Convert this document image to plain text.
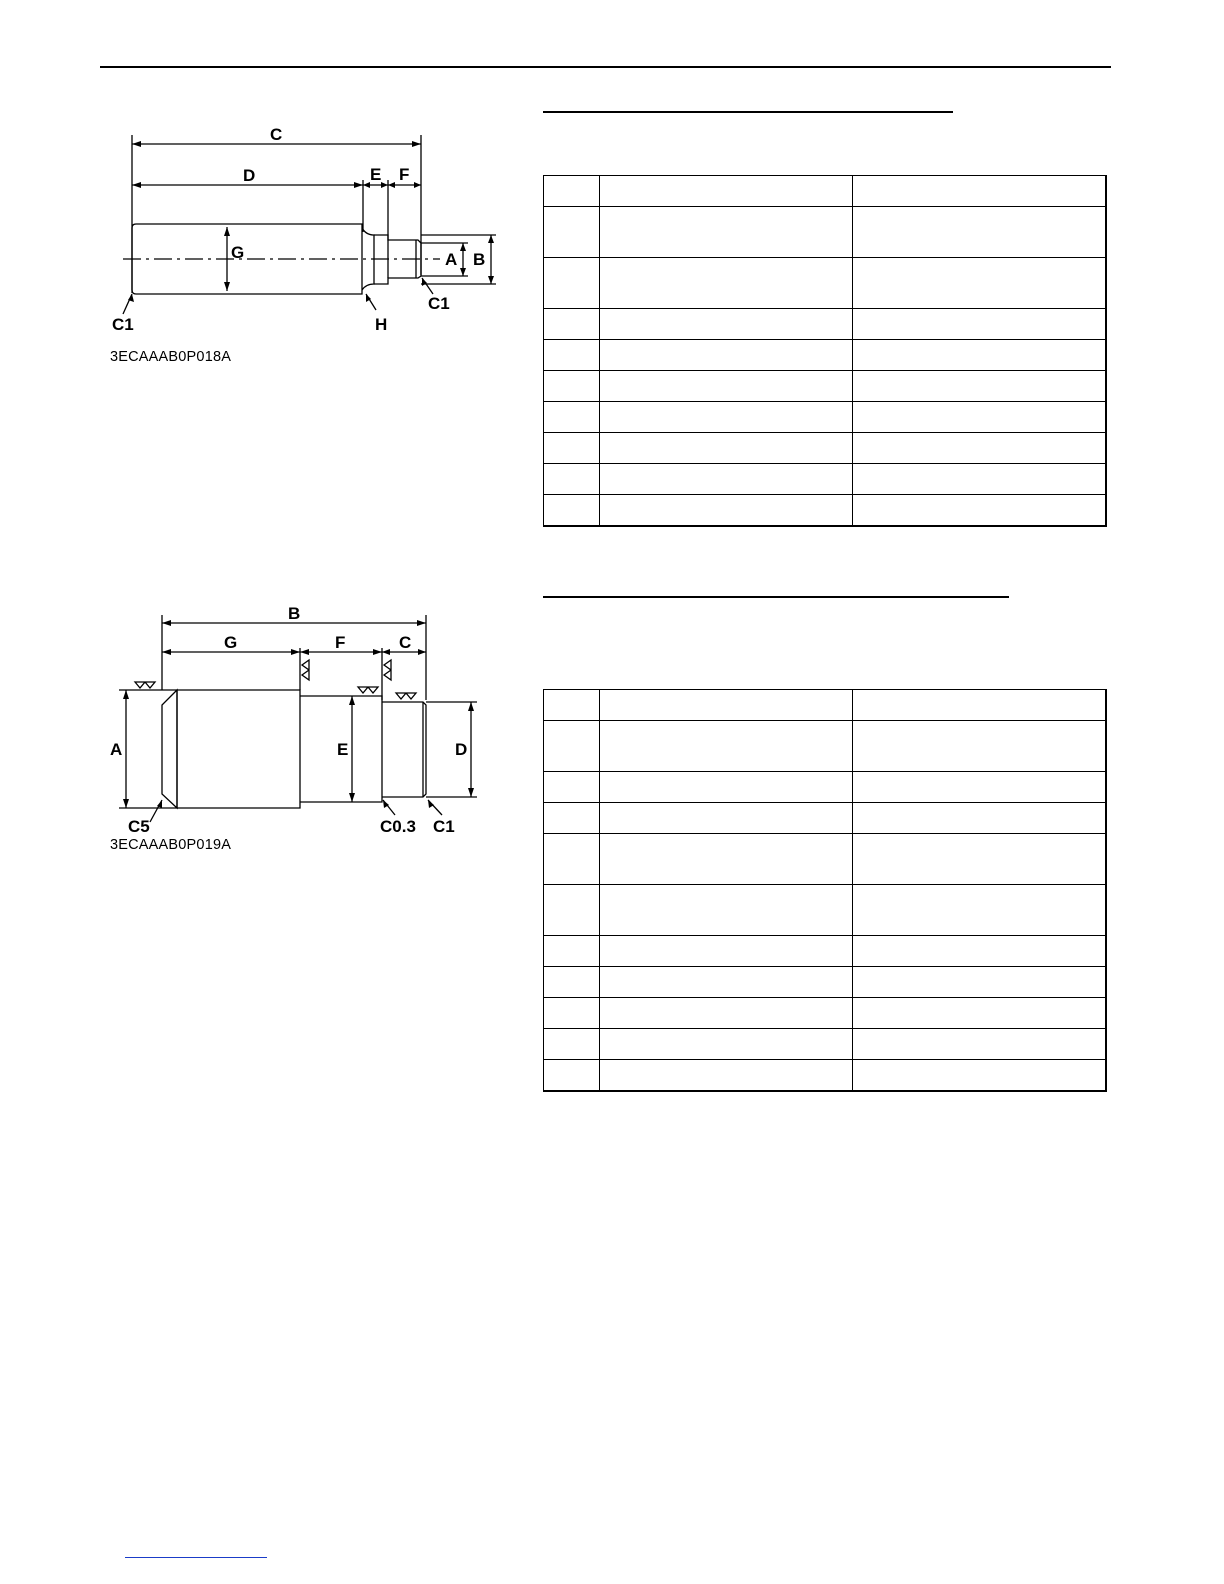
C
D	E F
G	A B
C1
C1	H
3ECAAAB0P018A
B
G	F	C
A	E	D
C5	C0.3 C1
3ECAAAB0P019A
